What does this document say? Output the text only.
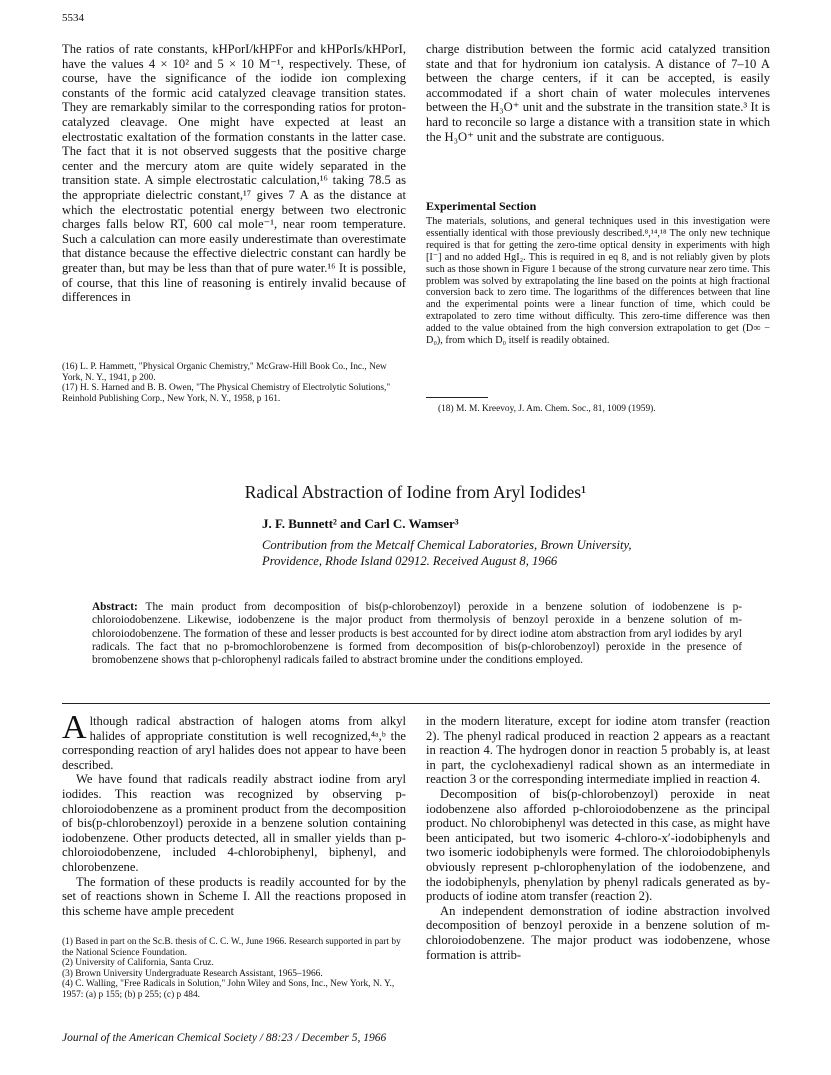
5534

The ratios of rate constants, kHPorI/kHPFor and kHPorIs/kHPorI, have the values 4 × 10² and 5 × 10 M⁻¹, respectively. These, of course, have the significance of the iodide ion complexing constants of the formic acid catalyzed cleavage transition states. They are remarkably similar to the corresponding ratios for proton-catalyzed cleavage. One might have expected at least an electrostatic exaltation of the formation constants in the latter case. The fact that it is not observed suggests that the positive charge center and the mercury atom are quite widely separated in the transition state. A simple electrostatic calculation,¹⁶ taking 78.5 as the appropriate dielectric constant,¹⁷ gives 7 A as the distance at which the electrostatic potential energy between two electronic charges falls below RT, 600 cal mole⁻¹, near room temperature. Such a calculation can more easily underestimate than overestimate that distance because the effective dielectric constant can hardly be greater than, but may be less than that of pure water.¹⁶ It is possible, of course, that this line of reasoning is entirely invalid because of differences in

(16) L. P. Hammett, "Physical Organic Chemistry," McGraw-Hill Book Co., Inc., New York, N. Y., 1941, p 200.

(17) H. S. Harned and B. B. Owen, "The Physical Chemistry of Electrolytic Solutions," Reinhold Publishing Corp., New York, N. Y., 1958, p 161.

charge distribution between the formic acid catalyzed transition state and that for hydronium ion catalysis. A distance of 7–10 A between the charge centers, if it can be accepted, is easily accommodated if a short chain of water molecules intervenes between the H₃O⁺ unit and the substrate in the transition state.³ It is hard to reconcile so large a distance with a transition state in which the H₃O⁺ unit and the substrate are contiguous.

Experimental Section

The materials, solutions, and general techniques used in this investigation were essentially identical with those previously described.⁸,¹⁴,¹⁸ The only new technique required is that for getting the zero-time optical density in experiments with high [I⁻] and no added HgI₂. This is required in eq 8, and is not reliably given by plots such as those shown in Figure 1 because of the strong curvature near zero time. This problem was solved by extrapolating the line based on the points at high fractional conversion back to zero time. The logarithms of the differences between that line and the experimental points were a linear function of time, which could be extrapolated to zero time without difficulty. This zero-time difference was then added to the value obtained from the high conversion extrapolation to get (D∞ − D₀), from which D₀ itself is readily obtained.

(18) M. M. Kreevoy, J. Am. Chem. Soc., 81, 1009 (1959).

Radical Abstraction of Iodine from Aryl Iodides¹
J. F. Bunnett² and Carl C. Wamser³
Contribution from the Metcalf Chemical Laboratories, Brown University,
Providence, Rhode Island 02912. Received August 8, 1966
Abstract: The main product from decomposition of bis(p-chlorobenzoyl) peroxide in a benzene solution of iodobenzene is p-chloroiodobenzene. Likewise, iodobenzene is the major product from thermolysis of benzoyl peroxide in a benzene solution of m-chloroiodobenzene. The formation of these and lesser products is best accounted for by direct iodine atom abstraction from aryl iodides by aryl radicals. The fact that no p-bromochlorobenzene is formed from decomposition of bis(p-chlorobenzoyl) peroxide in the presence of bromobenzene shows that p-chlorophenyl radicals failed to abstract bromine under the conditions employed.

Although radical abstraction of halogen atoms from alkyl halides of appropriate constitution is well recognized,⁴ᵃ,ᵇ the corresponding reaction of aryl halides does not appear to have been described.

We have found that radicals readily abstract iodine from aryl iodides. This reaction was recognized by observing p-chloroiodobenzene as a prominent product from the decomposition of bis(p-chlorobenzoyl) peroxide in a benzene solution containing iodobenzene. Other products detected, all in smaller yields than p-chloroiodobenzene, included 4-chlorobiphenyl, biphenyl, and chlorobenzene.

The formation of these products is readily accounted for by the set of reactions shown in Scheme I. All the reactions proposed in this scheme have ample precedent

(1) Based in part on the Sc.B. thesis of C. C. W., June 1966. Research supported in part by the National Science Foundation.

(2) University of California, Santa Cruz.

(3) Brown University Undergraduate Research Assistant, 1965–1966.

(4) C. Walling, "Free Radicals in Solution," John Wiley and Sons, Inc., New York, N. Y., 1957: (a) p 155; (b) p 255; (c) p 484.

in the modern literature, except for iodine atom transfer (reaction 2). The phenyl radical produced in reaction 2 appears as a reactant in reaction 4. The hydrogen donor in reaction 5 probably is, at least in part, the cyclohexadienyl radical shown as an intermediate in reaction 3 or the corresponding intermediate implied in reaction 4.

Decomposition of bis(p-chlorobenzoyl) peroxide in neat iodobenzene also afforded p-chloroiodobenzene as the principal product. No chlorobiphenyl was detected in this case, as might have been anticipated, but two isomeric 4-chloro-x′-iodobiphenyls and two isomeric iodobiphenyls were formed. The chloroiodobiphenyls obviously represent p-chlorophenylation of the iodobenzene, and the iodobiphenyls, phenylation by phenyl radicals generated as by-products of iodine atom transfer (reaction 2).

An independent demonstration of iodine abstraction involved decomposition of benzoyl peroxide in a benzene solution of m-chloroiodobenzene. The major product was iodobenzene, whose formation is attrib-

Journal of the American Chemical Society / 88:23 / December 5, 1966
